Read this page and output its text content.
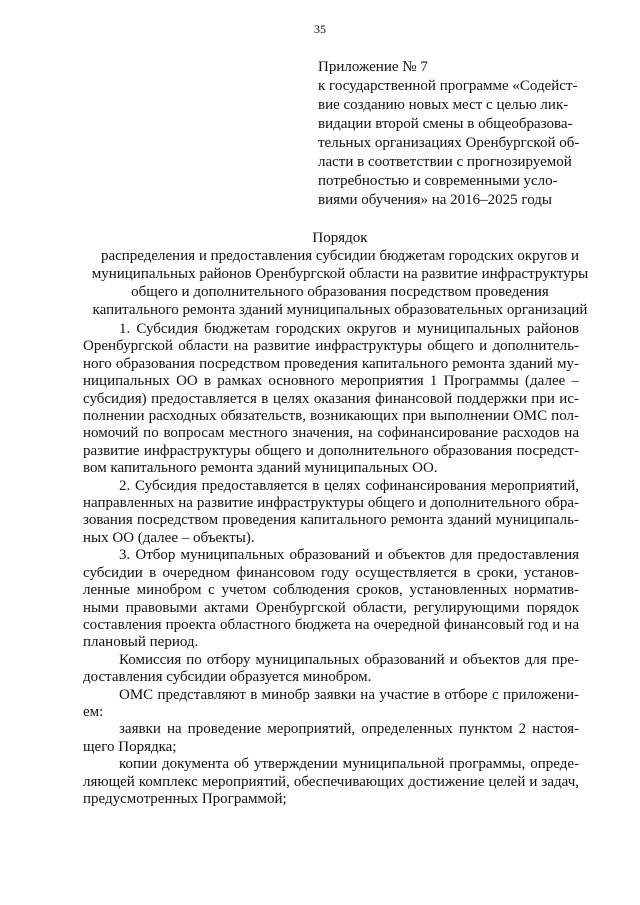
35
Приложение № 7
к государственной программе «Содейст-
вие созданию новых мест с целью лик-
видации второй смены в общеобразова-
тельных организациях Оренбургской об-
ласти в соответствии с прогнозируемой
потребностью и современными усло-
виями обучения» на 2016–2025 годы
Порядок
распределения и предоставления субсидии бюджетам городских округов и
муниципальных районов Оренбургской области на развитие инфраструктуры
общего и дополнительного образования посредством проведения
капитального ремонта зданий муниципальных образовательных организаций
1. Субсидия бюджетам городских округов и муниципальных районов
Оренбургской области на развитие инфраструктуры общего и дополнитель-
ного образования посредством проведения капитального ремонта зданий му-
ниципальных ОО в рамках основного мероприятия 1 Программы (далее –
субсидия) предоставляется в целях оказания финансовой поддержки при ис-
полнении расходных обязательств, возникающих при выполнении ОМС пол-
номочий по вопросам местного значения, на софинансирование расходов на
развитие инфраструктуры общего и дополнительного образования посредст-
вом капитального ремонта зданий муниципальных ОО.
2. Субсидия предоставляется в целях софинансирования мероприятий,
направленных на развитие инфраструктуры общего и дополнительного обра-
зования посредством проведения капитального ремонта зданий муниципаль-
ных ОО (далее – объекты).
3. Отбор муниципальных образований и объектов для предоставления
субсидии в очередном финансовом году осуществляется в сроки, установ-
ленные минобром с учетом соблюдения сроков, установленных норматив-
ными правовыми актами Оренбургской области, регулирующими порядок
составления проекта областного бюджета на очередной финансовый год и на
плановый период.
Комиссия по отбору муниципальных образований и объектов для пре-
доставления субсидии образуется минобром.
ОМС представляют в минобр заявки на участие в отборе с приложени-
ем:
заявки на проведение мероприятий, определенных пунктом 2 настоя-
щего Порядка;
копии документа об утверждении муниципальной программы, опреде-
ляющей комплекс мероприятий, обеспечивающих достижение целей и задач,
предусмотренных Программой;
